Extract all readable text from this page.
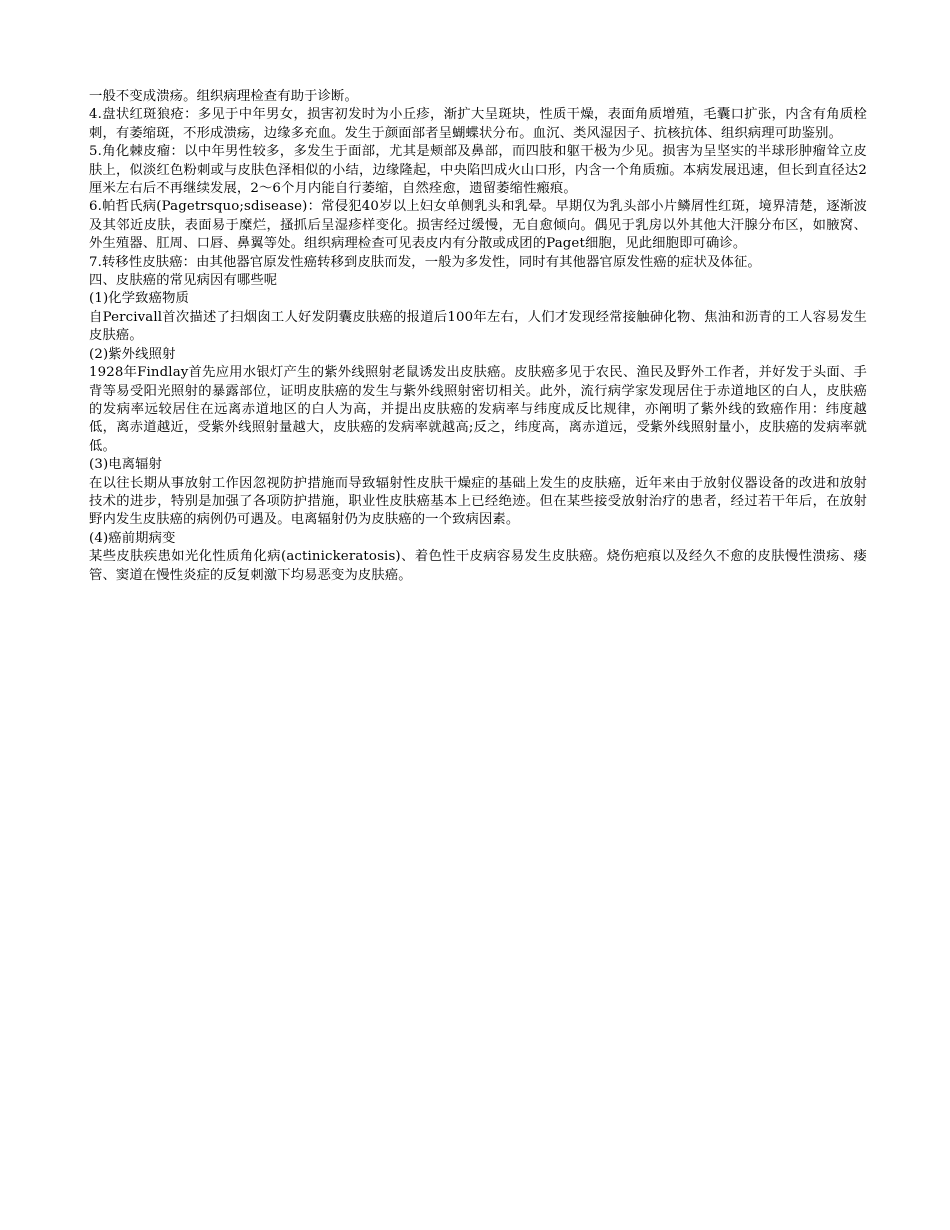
一般不变成溃疡。组织病理检查有助于诊断。

4.盘状红斑狼疮：多见于中年男女，损害初发时为小丘疹，渐扩大呈斑块，性质干燥，表面角质增殖，毛囊口扩张，内含有角质栓刺，有萎缩斑，不形成溃疡，边缘多充血。发生于颜面部者呈蝴蝶状分布。血沉、类风湿因子、抗核抗体、组织病理可助鉴别。

5.角化棘皮瘤：以中年男性较多，多发生于面部，尤其是颊部及鼻部，而四肢和躯干极为少见。损害为呈坚实的半球形肿瘤耸立皮肤上，似淡红色粉刺或与皮肤色泽相似的小结，边缘隆起，中央陷凹成火山口形，内含一个角质痂。本病发展迅速，但长到直径达2厘米左右后不再继续发展，2～6个月内能自行萎缩，自然痊愈，遗留萎缩性瘢痕。

6.帕哲氏病(Pagetrsquo;sdisease)：常侵犯40岁以上妇女单侧乳头和乳晕。早期仅为乳头部小片鳞屑性红斑，境界清楚，逐渐波及其邻近皮肤，表面易于糜烂，搔抓后呈湿疹样变化。损害经过缓慢，无自愈倾向。偶见于乳房以外其他大汗腺分布区，如腋窝、外生殖器、肛周、口唇、鼻翼等处。组织病理检查可见表皮内有分散或成团的Paget细胞，见此细胞即可确诊。

7.转移性皮肤癌：由其他器官原发性癌转移到皮肤而发，一般为多发性，同时有其他器官原发性癌的症状及体征。

四、皮肤癌的常见病因有哪些呢

(1)化学致癌物质

自Percivall首次描述了扫烟囱工人好发阴囊皮肤癌的报道后100年左右，人们才发现经常接触砷化物、焦油和沥青的工人容易发生皮肤癌。

(2)紫外线照射

1928年Findlay首先应用水银灯产生的紫外线照射老鼠诱发出皮肤癌。皮肤癌多见于农民、渔民及野外工作者，并好发于头面、手背等易受阳光照射的暴露部位，证明皮肤癌的发生与紫外线照射密切相关。此外，流行病学家发现居住于赤道地区的白人，皮肤癌的发病率远较居住在远离赤道地区的白人为高，并提出皮肤癌的发病率与纬度成反比规律，亦阐明了紫外线的致癌作用：纬度越低，离赤道越近，受紫外线照射量越大，皮肤癌的发病率就越高;反之，纬度高，离赤道远，受紫外线照射量小，皮肤癌的发病率就低。

(3)电离辐射

在以往长期从事放射工作因忽视防护措施而导致辐射性皮肤干燥症的基础上发生的皮肤癌，近年来由于放射仪器设备的改进和放射技术的进步，特别是加强了各项防护措施，职业性皮肤癌基本上已经绝迹。但在某些接受放射治疗的患者，经过若干年后，在放射野内发生皮肤癌的病例仍可遇及。电离辐射仍为皮肤癌的一个致病因素。

(4)癌前期病变

某些皮肤疾患如光化性质角化病(actinickeratosis)、着色性干皮病容易发生皮肤癌。烧伤疤痕以及经久不愈的皮肤慢性溃疡、瘘管、窦道在慢性炎症的反复刺激下均易恶变为皮肤癌。
